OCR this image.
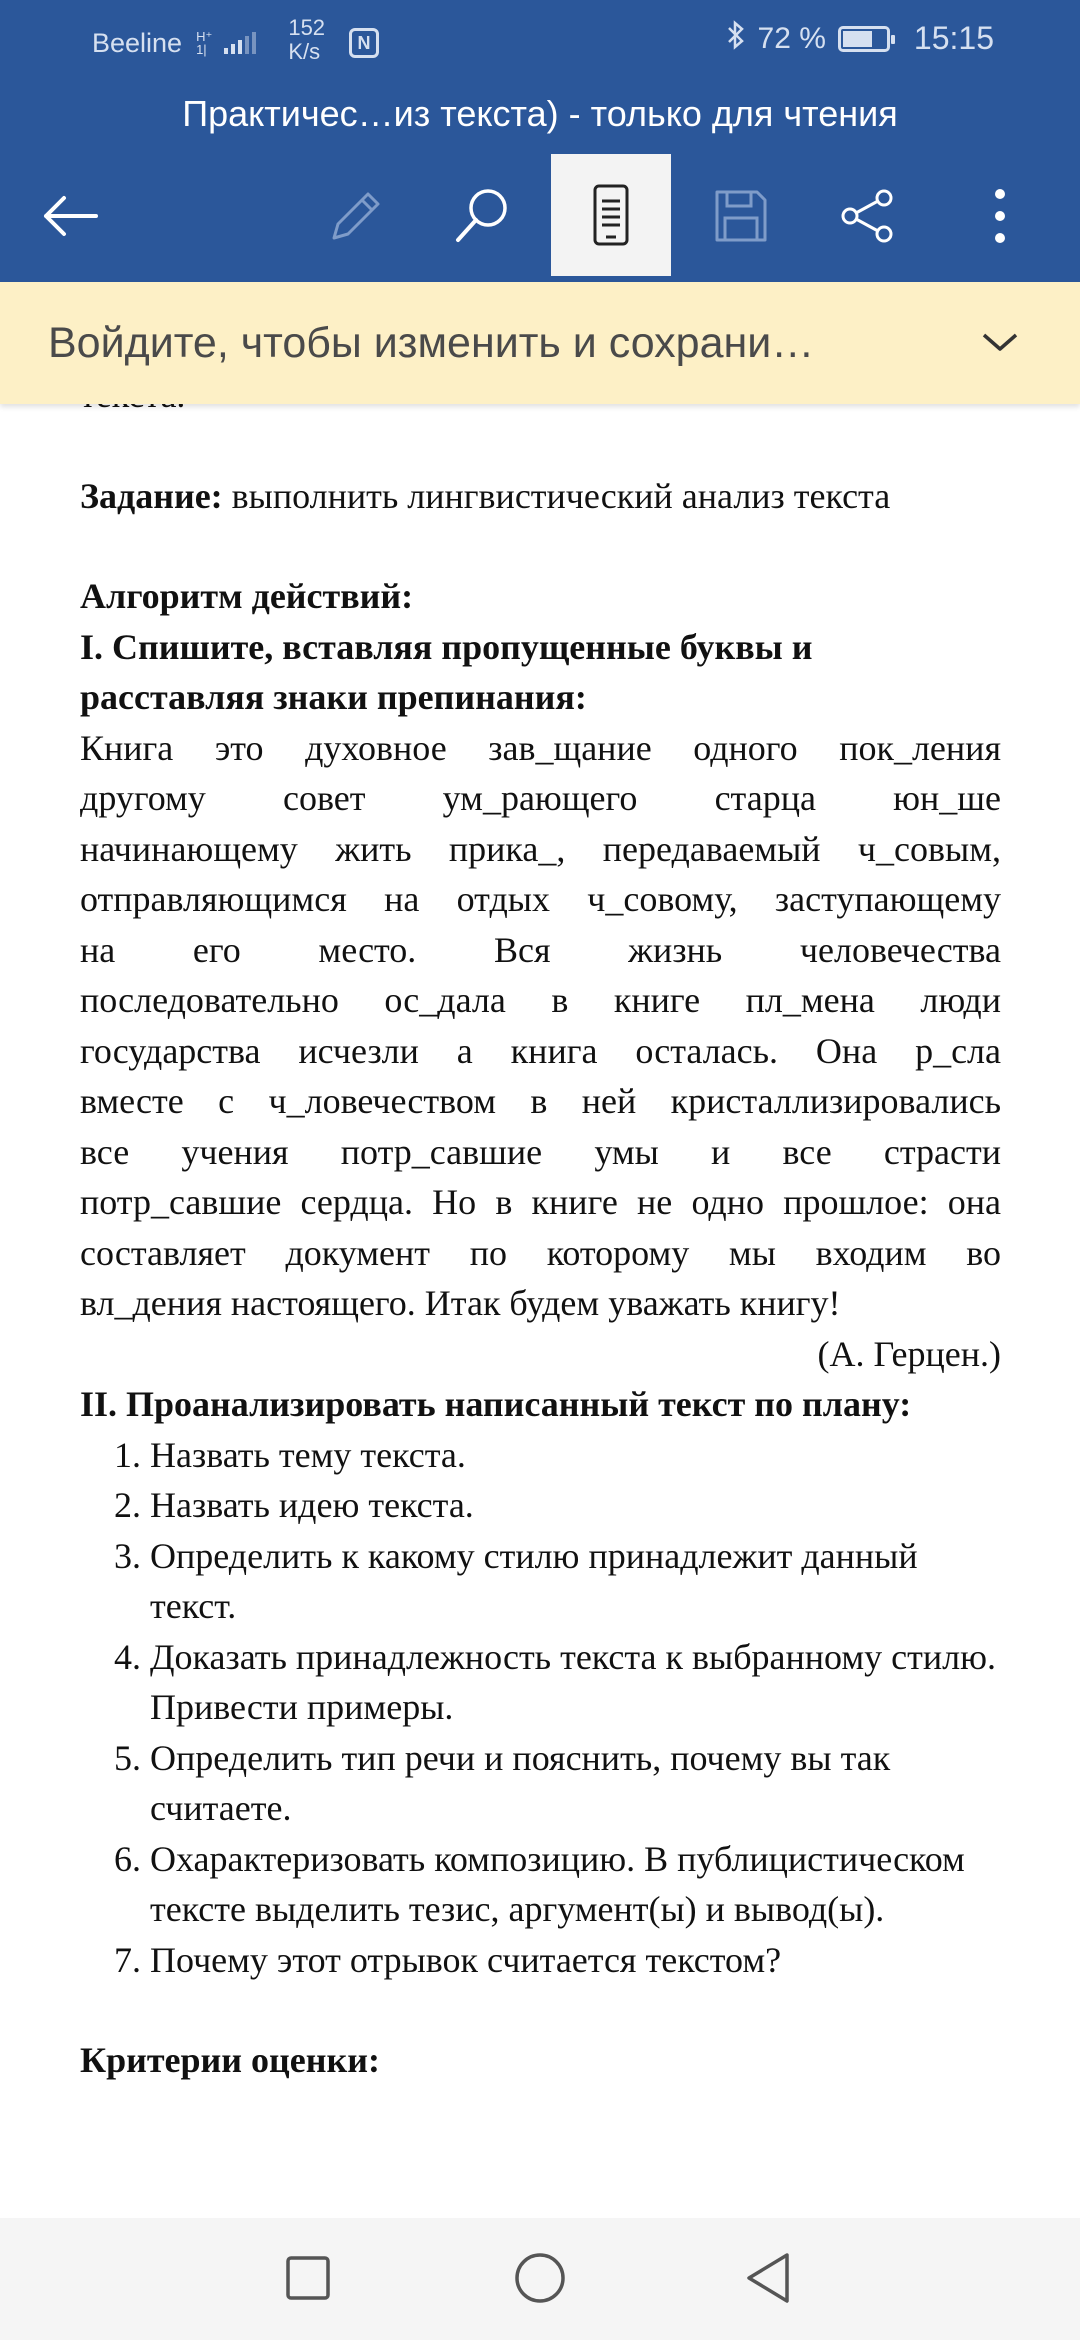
Beeline H⁺
1|
152
K/s	N	72 %	15:15
Практичес…из текста) - только для чтения
Войдите, чтобы изменить и сохрани…

Задание: выполнить лингвистический анализ текста

Алгоритм действий:

I. Спишите, вставляя пропущенные буквы и расставляя знаки препинания:

Книга это духовное зав_щание одного пок_ления

другому совет ум_рающего старца юн_ше

начинающему жить прика_, передаваемый ч_совым,

отправляющимся на отдых ч_совому, заступающему

на его место. Вся жизнь человечества

последовательно ос_дала в книге пл_мена люди

государства исчезли а книга осталась. Она р_сла

вместе с ч_ловечеством в ней кристаллизировались

все учения потр_савшие умы и все страсти

потр_савшие сердца. Но в книге не одно прошлое: она

составляет документ по которому мы входим во

вл_дения настоящего. Итак будем уважать книгу!

(А. Герцен.)

II. Проанализировать написанный текст по плану:

1. Назвать тему текста.
2. Назвать идею текста.
3. Определить к какому стилю принадлежит данный текст.
4. Доказать принадлежность текста к выбранному стилю. Привести примеры.
5. Определить тип речи и пояснить, почему вы так считаете.
6. Охарактеризовать композицию. В публицистическом тексте выделить тезис, аргумент(ы) и вывод(ы).
7. Почему этот отрывок считается текстом?

Критерии оценки:
